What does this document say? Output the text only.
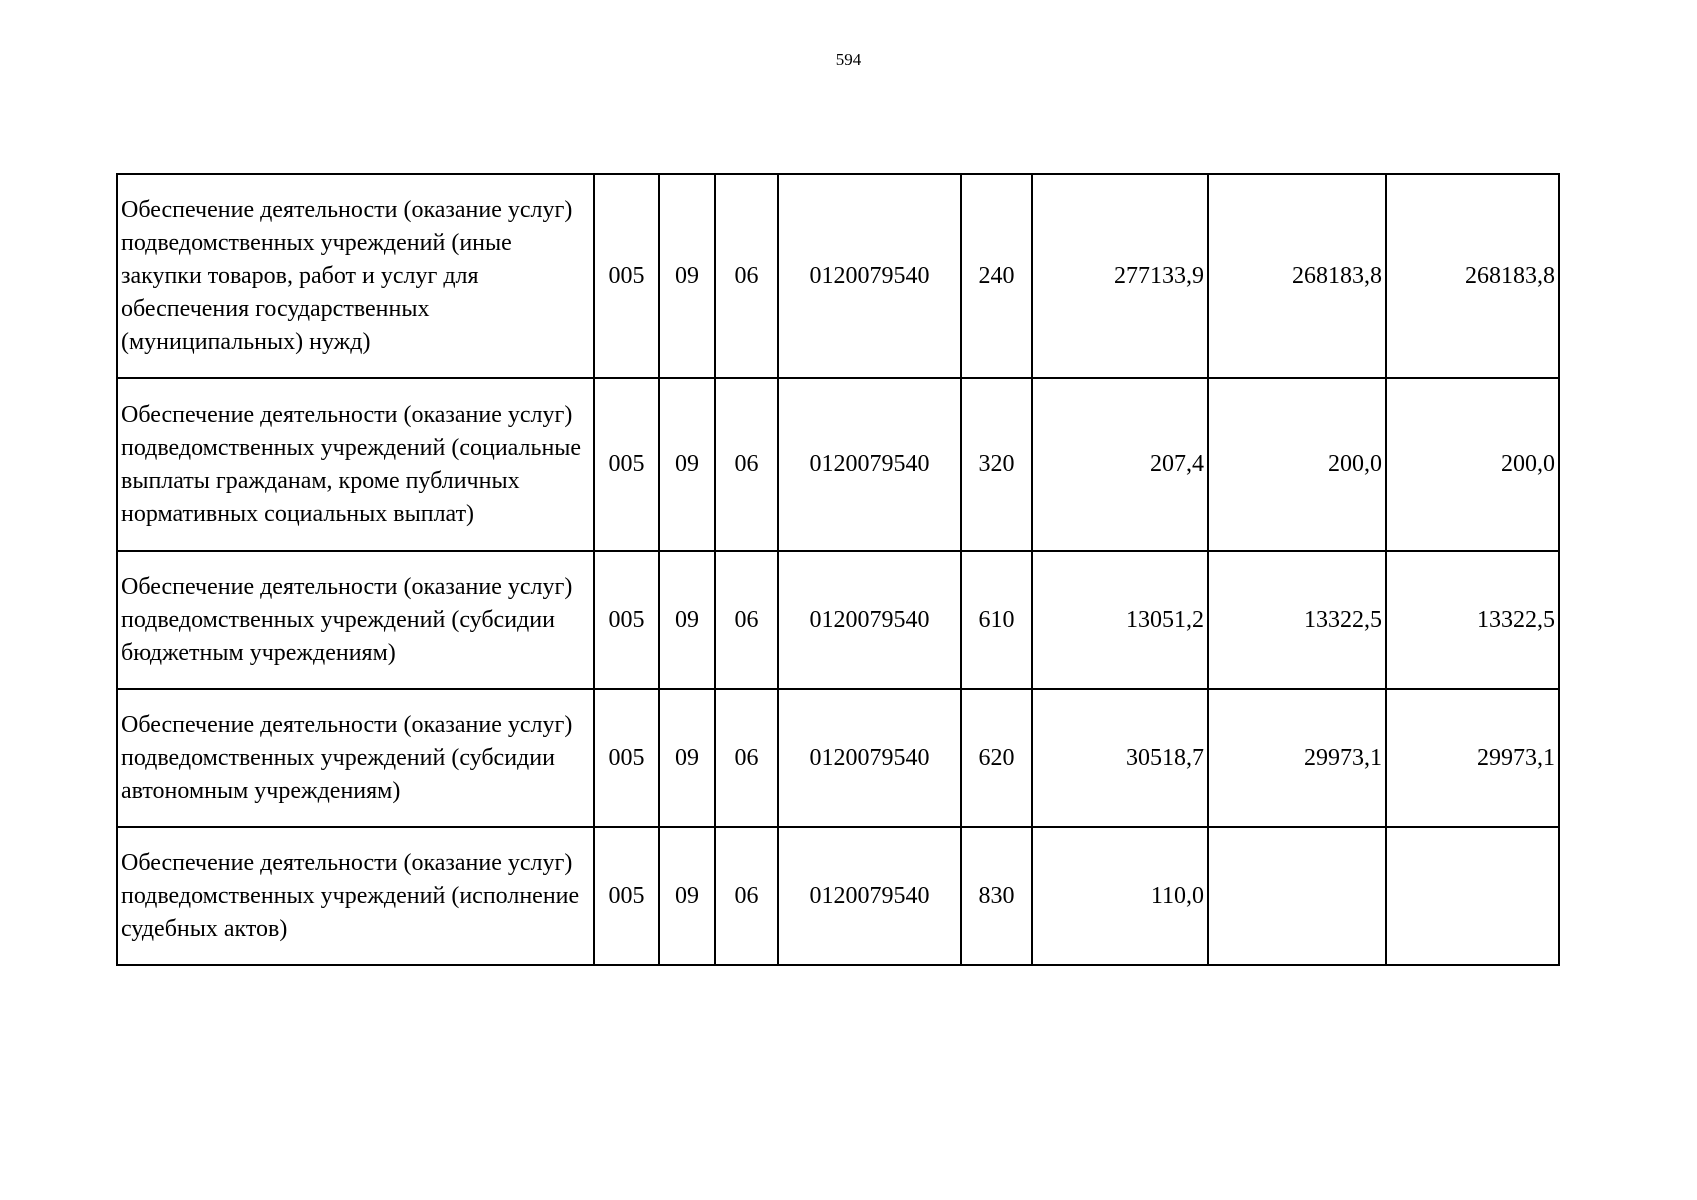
594
Обеспечение деятельности (оказание услуг) подведомственных учреждений (иные закупки товаров, работ и услуг для обеспечения государственных (муниципальных) нужд)	005	09	06	0120079540	240	277133,9	268183,8	268183,8
Обеспечение деятельности (оказание услуг) подведомственных учреждений (социальные выплаты гражданам, кроме публичных нормативных социальных выплат)	005	09	06	0120079540	320	207,4	200,0	200,0
Обеспечение деятельности (оказание услуг) подведомственных учреждений (субсидии бюджетным учреждениям)	005	09	06	0120079540	610	13051,2	13322,5	13322,5
Обеспечение деятельности (оказание услуг) подведомственных учреждений (субсидии автономным учреждениям)	005	09	06	0120079540	620	30518,7	29973,1	29973,1
Обеспечение деятельности (оказание услуг) подведомственных учреждений (исполнение судебных актов)	005	09	06	0120079540	830	110,0		
